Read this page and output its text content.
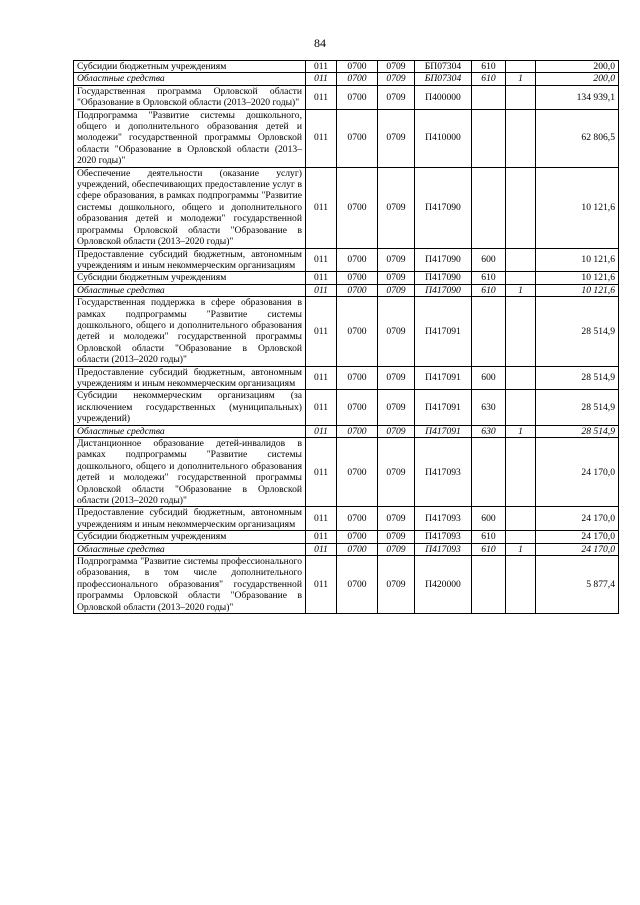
84
Субсидии бюджетным учреждениям	011	0700	0709	БП07304	610		200,0
Областные средства	011	0700	0709	БП07304	610	1	200,0
Государственная программа Орловской области "Образование в Орловской области (2013–2020 годы)"	011	0700	0709	П400000			134 939,1
Подпрограмма "Развитие системы дошкольного, общего и дополнительного образования детей и молодежи" государственной программы Орловской области "Образование в Орловской области (2013–2020 годы)"	011	0700	0709	П410000			62 806,5
Обеспечение деятельности (оказание услуг) учреждений, обеспечивающих предоставление услуг в сфере образования, в рамках подпрограммы "Развитие системы дошкольного, общего и дополнительного образования детей и молодежи" государственной программы Орловской области "Образование в Орловской области (2013–2020 годы)"	011	0700	0709	П417090			10 121,6
Предоставление субсидий бюджетным, автономным учреждениям и иным некоммерческим организациям	011	0700	0709	П417090	600		10 121,6
Субсидии бюджетным учреждениям	011	0700	0709	П417090	610		10 121,6
Областные средства	011	0700	0709	П417090	610	1	10 121,6
Государственная поддержка в сфере образования в рамках подпрограммы "Развитие системы дошкольного, общего и дополнительного образования детей и молодежи" государственной программы Орловской области "Образование в Орловской области (2013–2020 годы)"	011	0700	0709	П417091			28 514,9
Предоставление субсидий бюджетным, автономным учреждениям и иным некоммерческим организациям	011	0700	0709	П417091	600		28 514,9
Субсидии некоммерческим организациям (за исключением государственных (муниципальных) учреждений)	011	0700	0709	П417091	630		28 514,9
Областные средства	011	0700	0709	П417091	630	1	28 514,9
Дистанционное образование детей-инвалидов в рамках подпрограммы "Развитие системы дошкольного, общего и дополнительного образования детей и молодежи" государственной программы Орловской области "Образование в Орловской области (2013–2020 годы)"	011	0700	0709	П417093			24 170,0
Предоставление субсидий бюджетным, автономным учреждениям и иным некоммерческим организациям	011	0700	0709	П417093	600		24 170,0
Субсидии бюджетным учреждениям	011	0700	0709	П417093	610		24 170,0
Областные средства	011	0700	0709	П417093	610	1	24 170,0
Подпрограмма "Развитие системы профессионального образования, в том числе дополнительного профессионального образования" государственной программы Орловской области "Образование в Орловской области (2013–2020 годы)"	011	0700	0709	П420000			5 877,4
